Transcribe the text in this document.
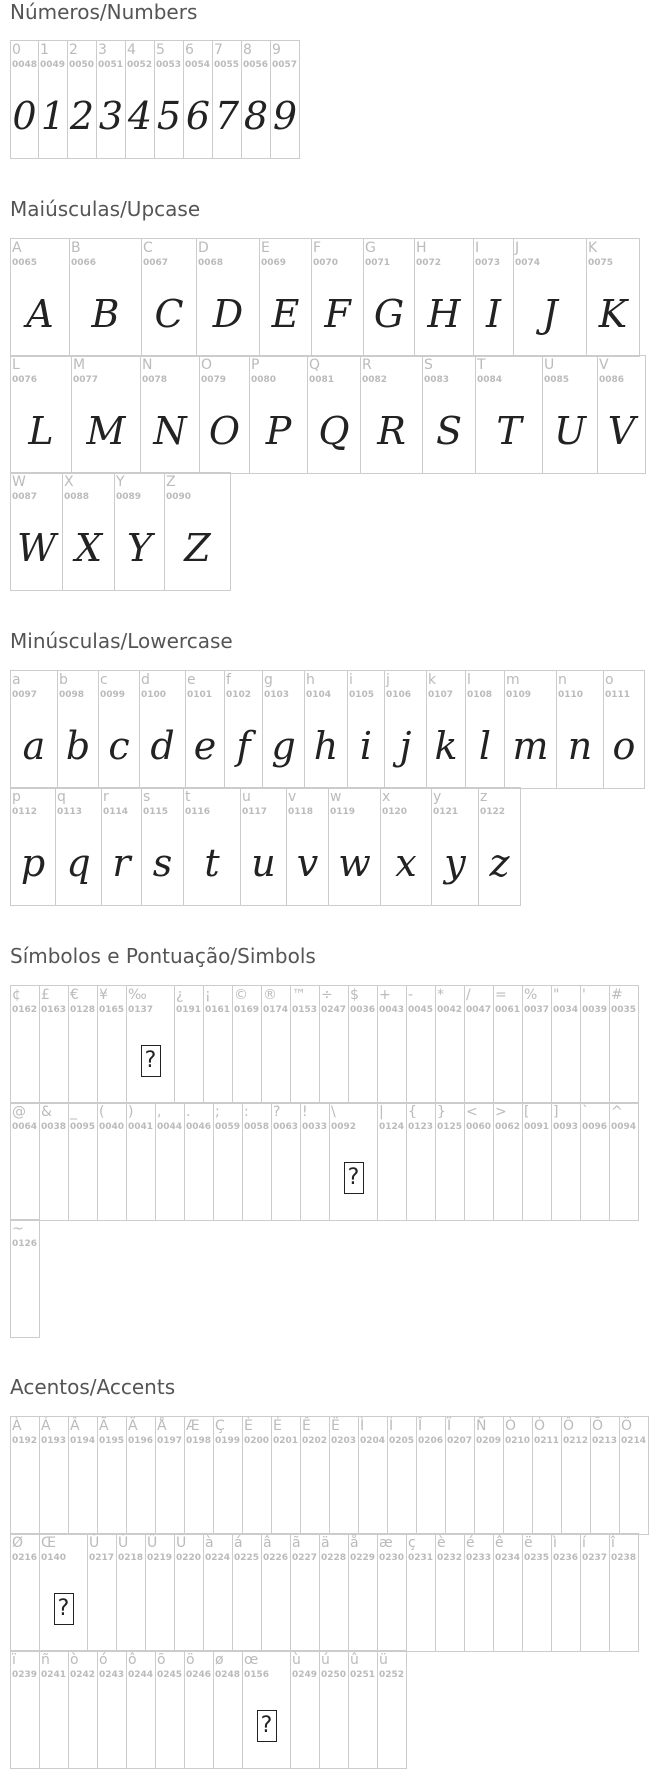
Números/Numbers
0
0048
0
1
0049
1
2
0050
2
3
0051
3
4
0052
4
5
0053
5
6
0054
6
7
0055
7
8
0056
8
9
0057
9
Maiúsculas/Upcase
A
0065
A
B
0066
B
C
0067
C
D
0068
D
E
0069
E
F
0070
F
G
0071
G
H
0072
H
I
0073
I
J
0074
J
K
0075
K
L
0076
L
M
0077
M
N
0078
N
O
0079
O
P
0080
P
Q
0081
Q
R
0082
R
S
0083
S
T
0084
T
U
0085
U
V
0086
V
W
0087
W
X
0088
X
Y
0089
Y
Z
0090
Z
Minúsculas/Lowercase
a
0097
a
b
0098
b
c
0099
c
d
0100
d
e
0101
e
f
0102
f
g
0103
g
h
0104
h
i
0105
i
j
0106
j
k
0107
k
l
0108
l
m
0109
m
n
0110
n
o
0111
o
p
0112
p
q
0113
q
r
0114
r
s
0115
s
t
0116
t
u
0117
u
v
0118
v
w
0119
w
x
0120
x
y
0121
y
z
0122
z
Símbolos e Pontuação/Simbols
¢
0162
£
0163
€
0128
¥
0165
‰
0137
?
¿
0191
¡
0161
©
0169
®
0174
™
0153
÷
0247
$
0036
+
0043
-
0045
*
0042
/
0047
=
0061
%
0037
"
0034
'
0039
#
0035
@
0064
&
0038
_
0095
(
0040
)
0041
,
0044
.
0046
;
0059
:
0058
?
0063
!
0033
\
0092
?
|
0124
{
0123
}
0125
<
0060
>
0062
[
0091
]
0093
`
0096
^
0094
~
0126
Acentos/Accents
À
0192
Á
0193
Â
0194
Ã
0195
Ä
0196
Å
0197
Æ
0198
Ç
0199
È
0200
É
0201
Ê
0202
Ë
0203
Ì
0204
Í
0205
Î
0206
Ï
0207
Ñ
0209
Ò
0210
Ó
0211
Ô
0212
Õ
0213
Ö
0214
Ø
0216
Œ
0140
?
Ù
0217
Ú
0218
Û
0219
Ü
0220
à
0224
á
0225
â
0226
ã
0227
ä
0228
å
0229
æ
0230
ç
0231
è
0232
é
0233
ê
0234
ë
0235
ì
0236
í
0237
î
0238
ï
0239
ñ
0241
ò
0242
ó
0243
ô
0244
õ
0245
ö
0246
ø
0248
œ
0156
?
ù
0249
ú
0250
û
0251
ü
0252
